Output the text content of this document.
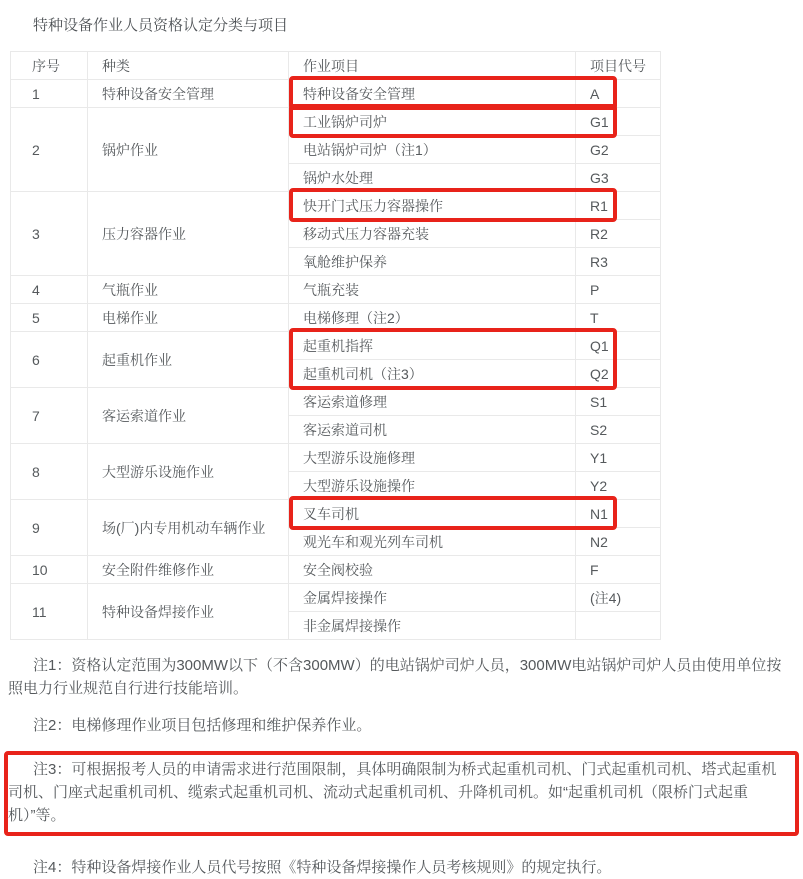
特种设备作业人员资格认定分类与项目
序号	种类	作业项目	项目代号
1	特种设备安全管理	特种设备安全管理	A
2	锅炉作业	工业锅炉司炉	G1
		电站锅炉司炉（注1）	G2
		锅炉水处理	G3
3	压力容器作业	快开门式压力容器操作	R1
		移动式压力容器充装	R2
		氧舱维护保养	R3
4	气瓶作业	气瓶充装	P
5	电梯作业	电梯修理（注2）	T
6	起重机作业	起重机指挥	Q1
		起重机司机（注3）	Q2
7	客运索道作业	客运索道修理	S1
		客运索道司机	S2
8	大型游乐设施作业	大型游乐设施修理	Y1
		大型游乐设施操作	Y2
9	场(厂)内专用机动车辆作业	叉车司机	N1
		观光车和观光列车司机	N2
10	安全附件维修作业	安全阀校验	F
11	特种设备焊接作业	金属焊接操作	(注4)
		非金属焊接操作	

注1：资格认定范围为300MW以下（不含300MW）的电站锅炉司炉人员，300MW电站锅炉司炉人员由使用单位按照电力行业规范自行进行技能培训。

注2：电梯修理作业项目包括修理和维护保养作业。

注3：可根据报考人员的申请需求进行范围限制，具体明确限制为桥式起重机司机、门式起重机司机、塔式起重机司机、门座式起重机司机、缆索式起重机司机、流动式起重机司机、升降机司机。如“起重机司机（限桥门式起重机）”等。

注4：特种设备焊接作业人员代号按照《特种设备焊接操作人员考核规则》的规定执行。
